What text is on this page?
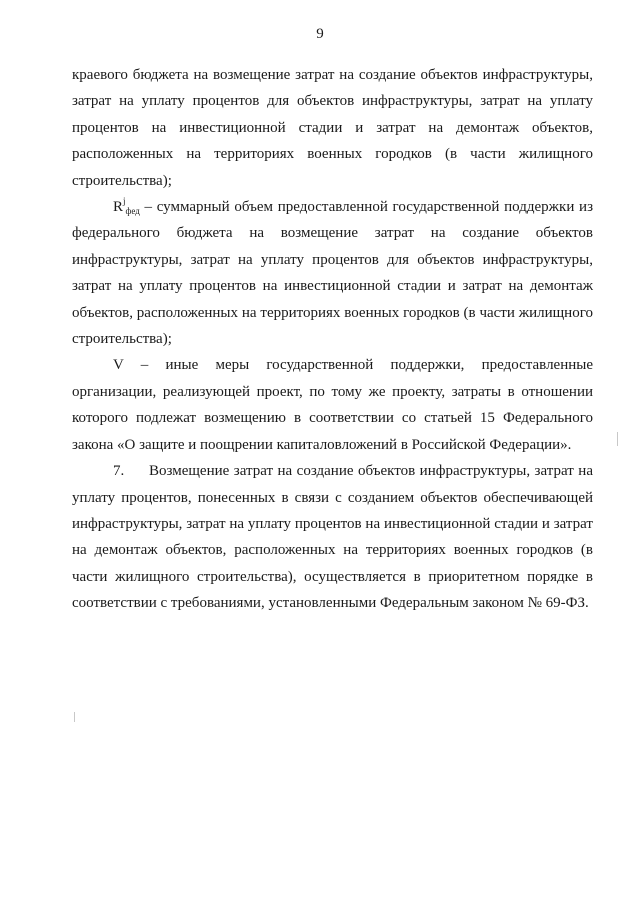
9

краевого бюджета на возмещение затрат на создание объектов инфраструктуры, затрат на уплату процентов для объектов инфраструктуры, затрат на уплату процентов на инвестиционной стадии и затрат на демонтаж объектов, расположенных на территориях военных городков (в части жилищного строительства);

$R^j_{фед}$ – суммарный объем предоставленной государственной поддержки из федерального бюджета на возмещение затрат на создание объектов инфраструктуры, затрат на уплату процентов для объектов инфраструктуры, затрат на уплату процентов на инвестиционной стадии и затрат на демонтаж объектов, расположенных на территориях военных городков (в части жилищного строительства);

V – иные меры государственной поддержки, предоставленные организации, реализующей проект, по тому же проекту, затраты в отношении которого подлежат возмещению в соответствии со статьей 15 Федерального закона «О защите и поощрении капиталовложений в Российской Федерации».

7. Возмещение затрат на создание объектов инфраструктуры, затрат на уплату процентов, понесенных в связи с созданием объектов обеспечивающей инфраструктуры, затрат на уплату процентов на инвестиционной стадии и затрат на демонтаж объектов, расположенных на территориях военных городков (в части жилищного строительства), осуществляется в приоритетном порядке в соответствии с требованиями, установленными Федеральным законом № 69-ФЗ.
